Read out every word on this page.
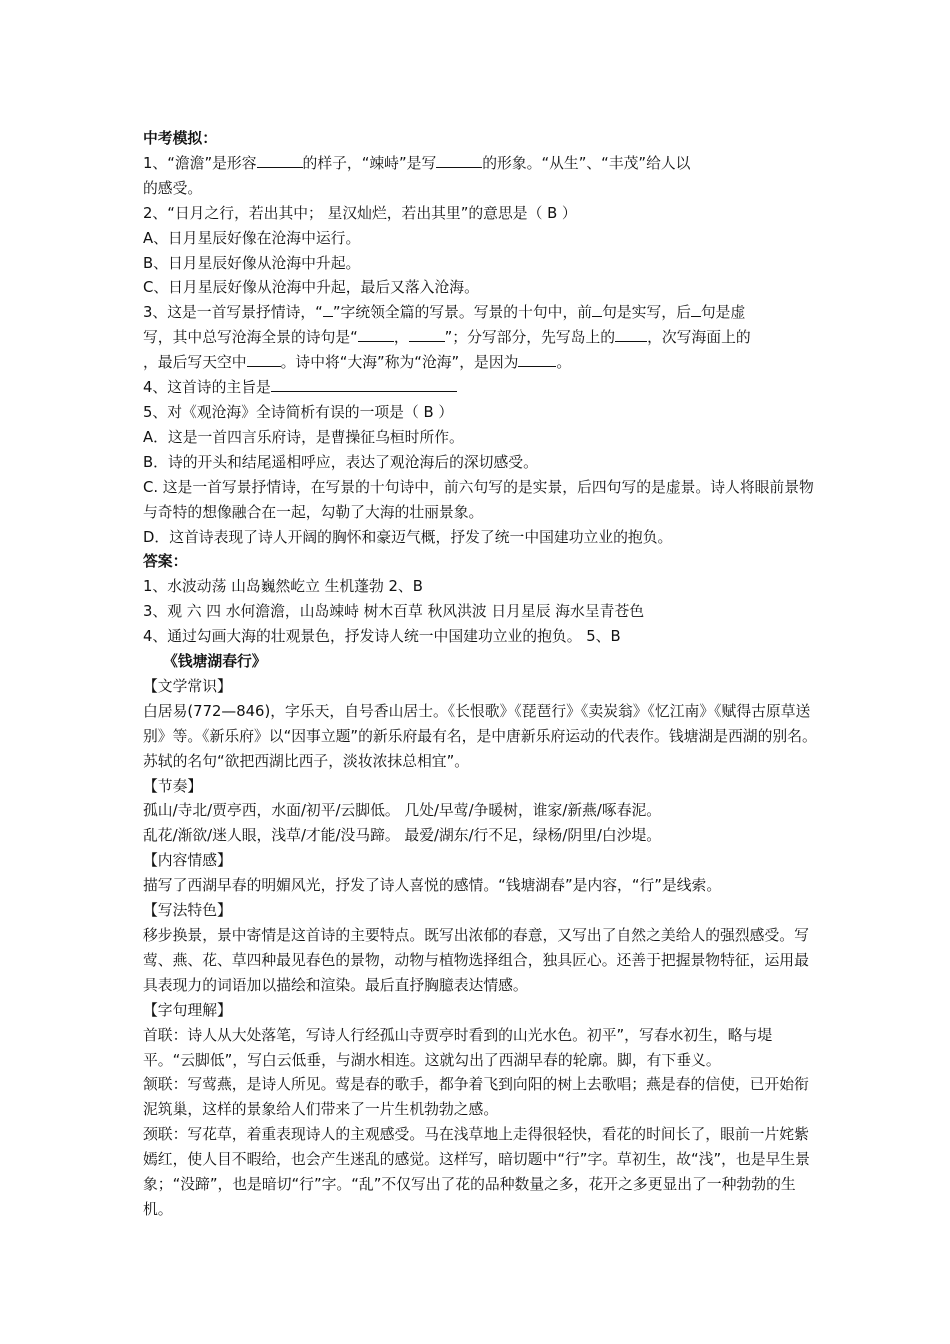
中考模拟：
1、“澹澹”是形容	的样子，“竦峙”是写	的形象。“从生”、“丰茂”给人以
的感受。
2、“日月之行，若出其中； 星汉灿烂，若出其里”的意思是（ B ）
A、日月星辰好像在沧海中运行。
B、日月星辰好像从沧海中升起。
C、日月星辰好像从沧海中升起，最后又落入沧海。
3、这是一首写景抒情诗，“ ”字统领全篇的写景。写景的十句中，前 句是实写，后 句是虚
写，其中总写沧海全景的诗句是“ ， ”；分写部分，先写岛上的 ，次写海面上的
，最后写天空中 。诗中将“大海”称为“沧海”，是因为	。
4、这首诗的主旨是
5、对《观沧海》全诗简析有误的一项是（ B ）
A．这是一首四言乐府诗，是曹操征乌桓时所作。
B．诗的开头和结尾遥相呼应，表达了观沧海后的深切感受。
C. 这是一首写景抒情诗，在写景的十句诗中，前六句写的是实景，后四句写的是虚景。诗人将眼前景物与奇特的想像融合在一起，勾勒了大海的壮丽景象。
D．这首诗表现了诗人开阔的胸怀和豪迈气概，抒发了统一中国建功立业的抱负。
答案：
1、水波动荡 山岛巍然屹立 生机蓬勃 2、B
3、观 六 四 水何澹澹，山岛竦峙 树木百草 秋风洪波 日月星辰 海水呈青苍色
4、通过勾画大海的壮观景色，抒发诗人统一中国建功立业的抱负。 5、B
《钱塘湖春行》
【文学常识】
白居易(772—846)，字乐天，自号香山居士。《长恨歌》《琵琶行》《卖炭翁》《忆江南》《赋得古原草送别》等。《新乐府》以“因事立题”的新乐府最有名，是中唐新乐府运动的代表作。钱塘湖是西湖的别名。苏轼的名句“欲把西湖比西子，淡妆浓抹总相宜”。
【节奏】
孤山/寺北/贾亭西，水面/初平/云脚低。 几处/早莺/争暖树，谁家/新燕/啄春泥。
乱花/渐欲/迷人眼，浅草/才能/没马蹄。 最爱/湖东/行不足，绿杨/阴里/白沙堤。
【内容情感】
描写了西湖早春的明媚风光，抒发了诗人喜悦的感情。“钱塘湖春”是内容，“行”是线索。
【写法特色】
移步换景，景中寄情是这首诗的主要特点。既写出浓郁的春意，又写出了自然之美给人的强烈感受。写莺、燕、花、草四种最见春色的景物，动物与植物选择组合，独具匠心。还善于把握景物特征，运用最具表现力的词语加以描绘和渲染。最后直抒胸臆表达情感。
【字句理解】
首联：诗人从大处落笔，写诗人行经孤山寺贾亭时看到的山光水色。初平”，写春水初生，略与堤平。“云脚低”，写白云低垂，与湖水相连。这就勾出了西湖早春的轮廓。脚，有下垂义。
颔联：写莺燕，是诗人所见。莺是春的歌手，都争着飞到向阳的树上去歌唱；燕是春的信使，已开始衔泥筑巢，这样的景象给人们带来了一片生机勃勃之感。
颈联：写花草，着重表现诗人的主观感受。马在浅草地上走得很轻快，看花的时间长了，眼前一片姹紫嫣红，使人目不暇给，也会产生迷乱的感觉。这样写，暗切题中“行”字。草初生，故“浅”，也是早生景象；“没蹄”，也是暗切“行”字。“乱”不仅写出了花的品种数量之多，花开之多更显出了一种勃勃的生机。
